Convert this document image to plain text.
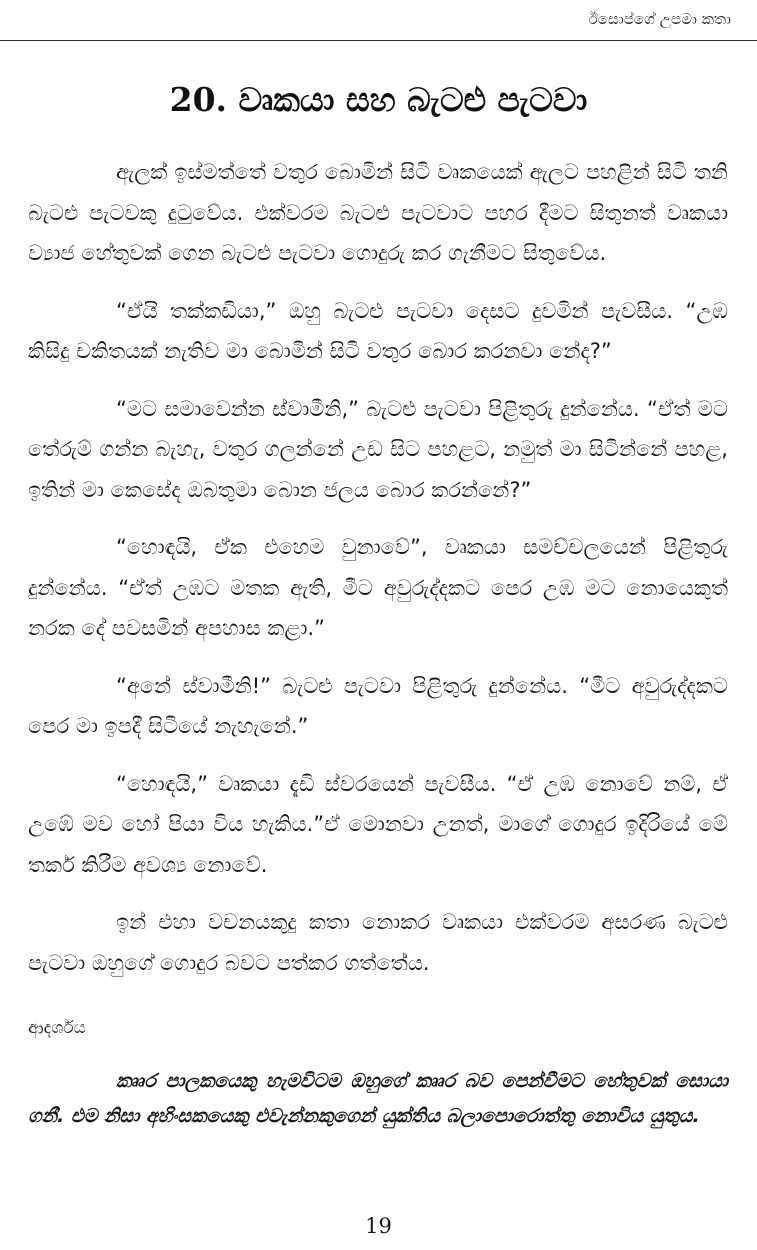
ඊසොප්ගේ උපමා කතා
20. වෘකයා සහ බැටළු පැටවා

ඇලක් ඉස්මත්තේ වතුර බොමින් සිටි වෘකයෙක් ඇලට පහළින් සිටි තනි බැටළු පැටවකු දුටුවේය. එක්වරම බැටළු පැටවාට පහර දීමට සිතුනත් වෘකයා ව්‍යාජ හේතුවක් ගෙන බැටළු පැටවා ගොදුරු කර ගැනීමට සිතුවේය.

“ඒයි තක්කඩියා,” ඔහු බැටළු පැටවා දෙසට දුවමින් පැවසීය. “උඹ කිසිදු චකිතයක් නැතිව මා බොමින් සිටි වතුර බොර කරනවා නේද?”

“මට සමාවෙන්න ස්වාමීනි,” බැටළු පැටවා පිළිතුරු දුන්නේය. “ඒත් මට තේරුම් ගන්න බැහැ, වතුර ගලන්නේ උඩ සිට පහළට, නමුත් මා සිටින්නේ පහළ, ඉතින් මා කෙසේද ඔබතුමා බොන ජලය බොර කරන්නේ?”

“හොඳයි, ඒක එහෙම වුනාවේ”, වෘකයා සමච්චලයෙන් පිළිතුරු දුන්නේය. “ඒත් උඹට මතක ඇති, මීට අවුරුද්දකට පෙර උඹ මට නොයෙකුත් නරක දේ පවසමින් අපහාස කළා.”

“අනේ ස්වාමීනි!” බැටළු පැටවා පිළිතුරු දුන්නේය. “මීට අවුරුද්දකට පෙර මා ඉපදී සිටියේ නැහැනේ.”

“හොඳයි,” වෘකයා දැඩි ස්වරයෙන් පැවසීය. “ඒ උඹ නොවේ නම්, ඒ උඹේ මව හෝ පියා විය හැකිය.”ඒ මොනවා උනත්, මාගේ ගොදුර ඉදිරියේ මේ තර්ක කිරීම අවශ්‍ය නොවේ.

ඉන් එහා වචනයකුදු කතා නොකර වෘකයා එක්වරම අසරණ බැටළු පැටවා ඔහුගේ ගොදුර බවට පත්කර ගත්තේය.

ආදර්ශය

කෲර පාලකයෙකු හැමවිටම ඔහුගේ කෲර බව පෙන්වීමට හේතුවක් සොයා ගනී. එම නිසා අහිංසකයෙකු එවැන්නකුගෙන් යුක්තිය බලාපොරොත්තු නොවිය යුතුය.

19
